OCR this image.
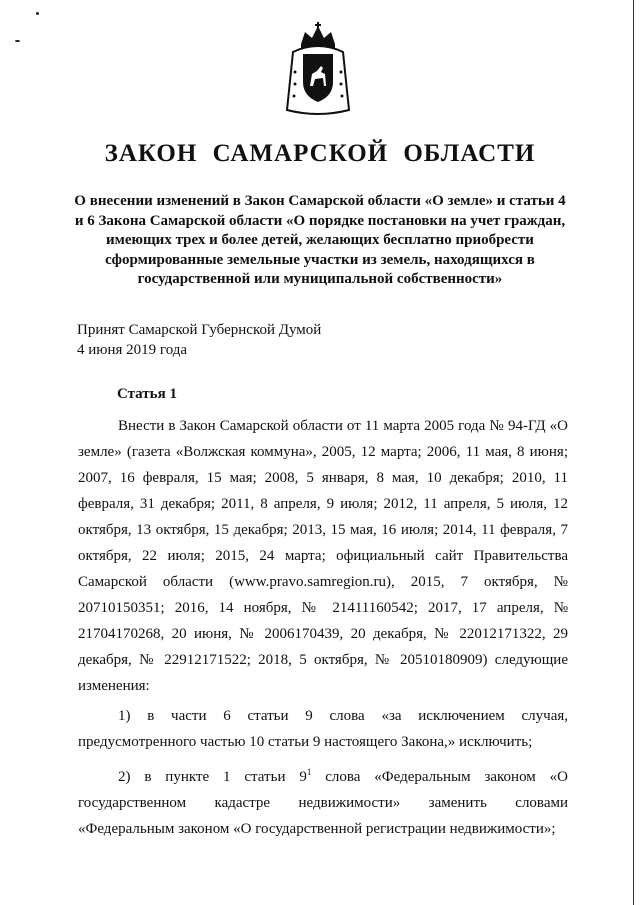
ЗАКОН САМАРСКОЙ ОБЛАСТИ
О внесении изменений в Закон Самарской области «О земле» и статьи 4 и 6 Закона Самарской области «О порядке постановки на учет граждан, имеющих трех и более детей, желающих бесплатно приобрести сформированные земельные участки из земель, находящихся в государственной или муниципальной собственности»
Принят Самарской Губернской Думой
4 июня 2019 года
Статья 1

Внести в Закон Самарской области от 11 марта 2005 года № 94-ГД «О земле» (газета «Волжская коммуна», 2005, 12 марта; 2006, 11 мая, 8 июня; 2007, 16 февраля, 15 мая; 2008, 5 января, 8 мая, 10 декабря; 2010, 11 февраля, 31 декабря; 2011, 8 апреля, 9 июля; 2012, 11 апреля, 5 июля, 12 октября, 13 октября, 15 декабря; 2013, 15 мая, 16 июля; 2014, 11 февраля, 7 октября, 22 июля; 2015, 24 марта; официальный сайт Правительства Самарской области (www.pravo.samregion.ru), 2015, 7 октября, № 20710150351; 2016, 14 ноября, № 21411160542; 2017, 17 апреля, № 21704170268, 20 июня, № 2006170439, 20 декабря, № 22012171322, 29 декабря, № 22912171522; 2018, 5 октября, № 20510180909) следующие изменения:

1) в части 6 статьи 9 слова «за исключением случая, предусмотренного частью 10 статьи 9 настоящего Закона,» исключить;

2) в пункте 1 статьи $9^1$ слова «Федеральным законом «О государственном кадастре недвижимости» заменить словами «Федеральным законом «О государственной регистрации недвижимости»;
